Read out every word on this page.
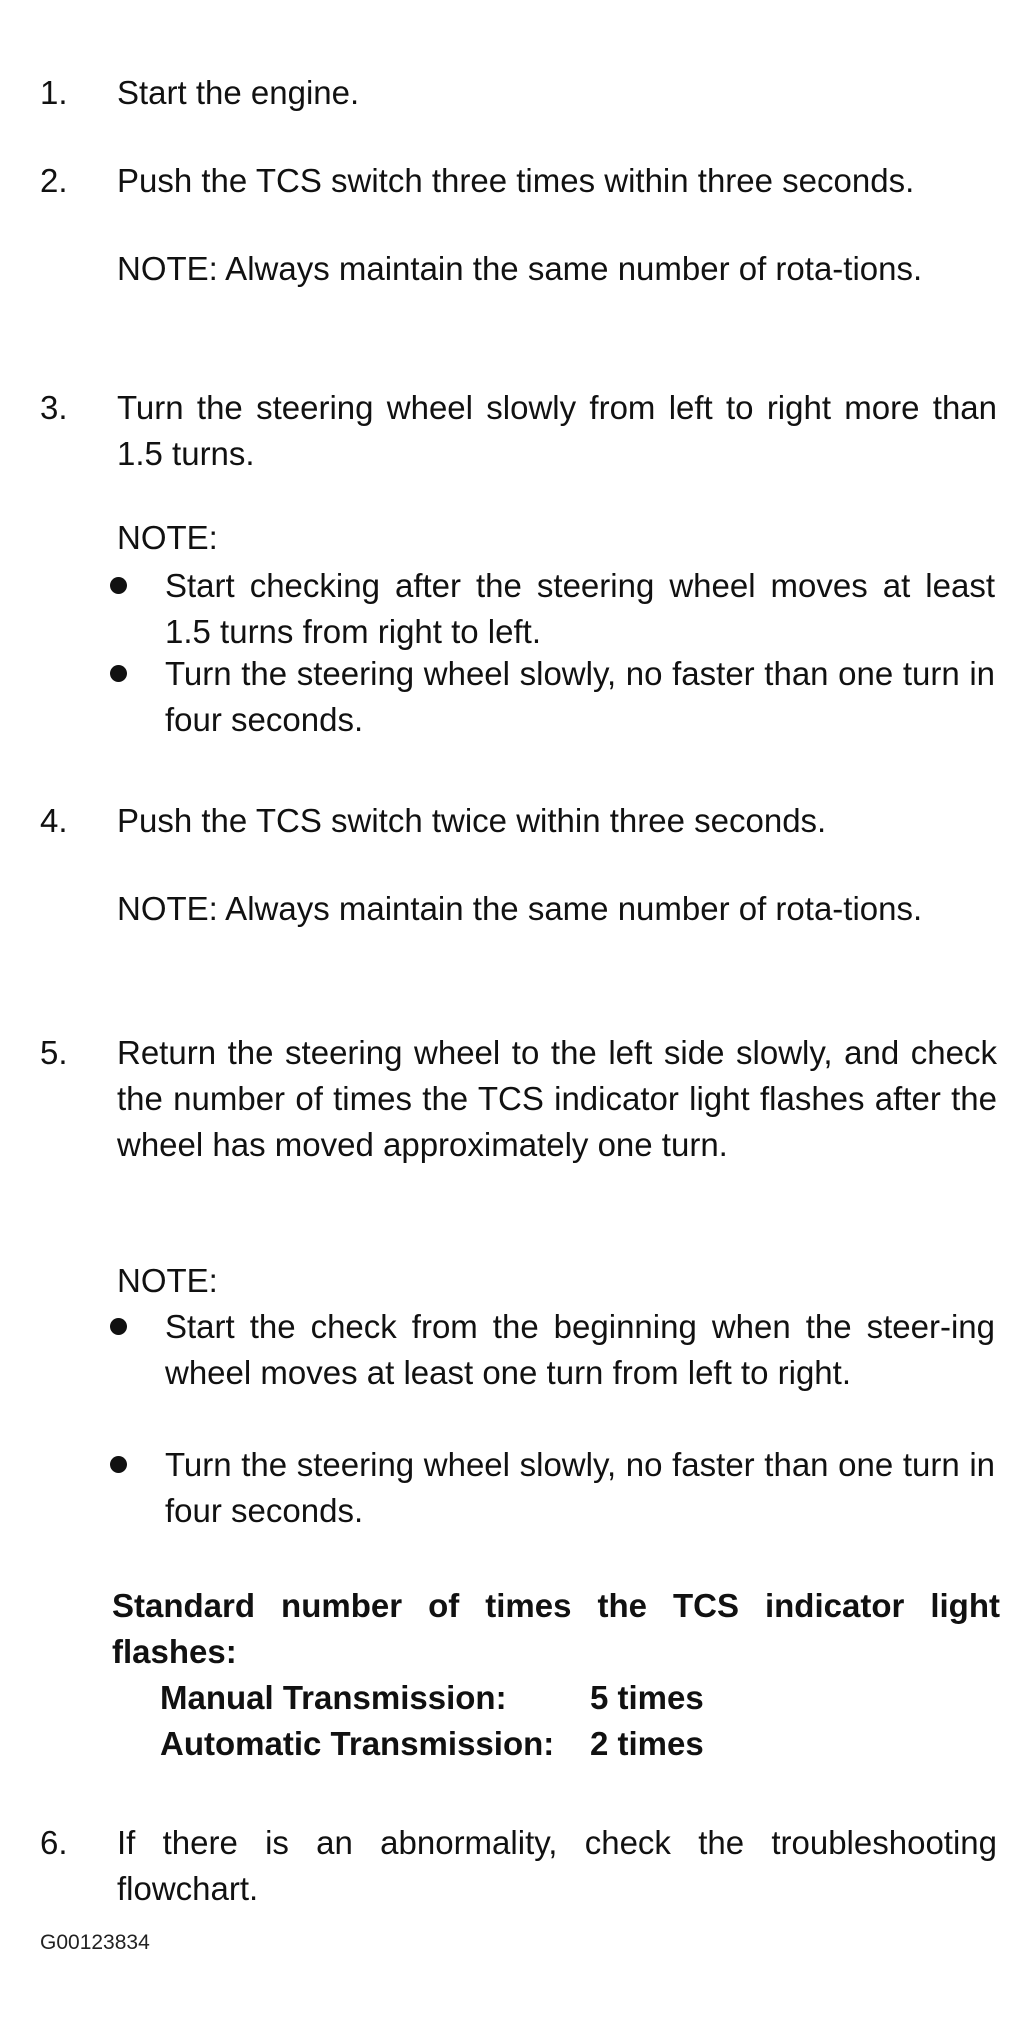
1.	Start the engine.
2.	Push the TCS switch three times within three seconds.
NOTE: Always maintain the same number of rota-tions.
3.	Turn the steering wheel slowly from left to right more than 1.5 turns.
NOTE:
Start checking after the steering wheel moves at least 1.5 turns from right to left.
Turn the steering wheel slowly, no faster than one turn in four seconds.
4.	Push the TCS switch twice within three seconds.
NOTE: Always maintain the same number of rota-tions.
5.	Return the steering wheel to the left side slowly, and check the number of times the TCS indicator light flashes after the wheel has moved approximately one turn.
NOTE:
Start the check from the beginning when the steer-ing wheel moves at least one turn from left to right.
Turn the steering wheel slowly, no faster than one turn in four seconds.
Standard number of times the TCS indicator light flashes:
Manual Transmission:	5 times
Automatic Transmission: 2 times
6.	If there is an abnormality, check the troubleshooting flowchart.
G00123834
